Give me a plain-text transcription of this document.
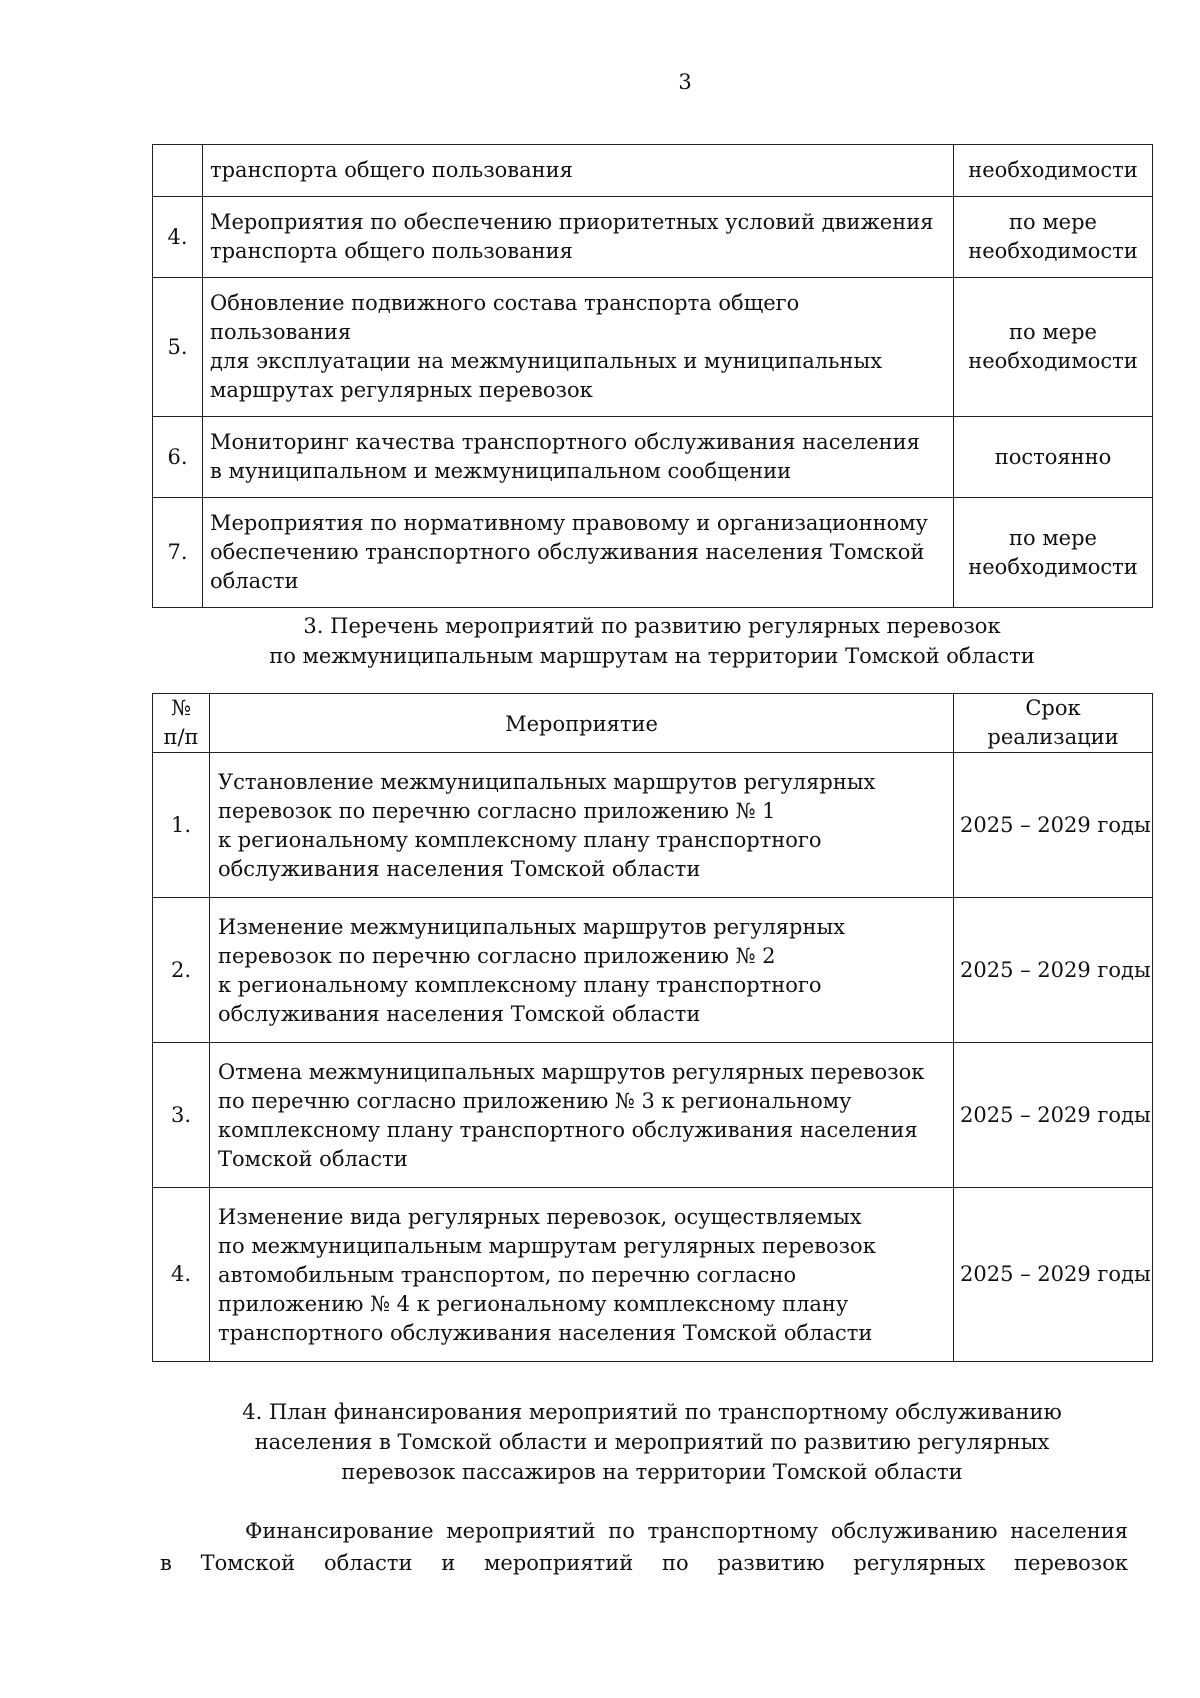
3
	транспорта общего пользования	необходимости
4.	Мероприятия по обеспечению приоритетных условий движения
транспорта общего пользования	по мере
необходимости
5.	Обновление подвижного состава транспорта общего пользования
для эксплуатации на межмуниципальных и муниципальных
маршрутах регулярных перевозок	по мере
необходимости
6.	Мониторинг качества транспортного обслуживания населения
в муниципальном и межмуниципальном сообщении	постоянно
7.	Мероприятия по нормативному правовому и организационному
обеспечению транспортного обслуживания населения Томской
области	по мере
необходимости
3. Перечень мероприятий по развитию регулярных перевозок
по межмуниципальным маршрутам на территории Томской области
№
п/п	Мероприятие	Срок
реализации
1.	Установление межмуниципальных маршрутов регулярных
перевозок по перечню согласно приложению № 1
к региональному комплексному плану транспортного
обслуживания населения Томской области	2025 – 2029 годы
2.	Изменение межмуниципальных маршрутов регулярных
перевозок по перечню согласно приложению № 2
к региональному комплексному плану транспортного
обслуживания населения Томской области	2025 – 2029 годы
3.	Отмена межмуниципальных маршрутов регулярных перевозок
по перечню согласно приложению № 3 к региональному
комплексному плану транспортного обслуживания населения
Томской области	2025 – 2029 годы
4.	Изменение вида регулярных перевозок, осуществляемых
по межмуниципальным маршрутам регулярных перевозок
автомобильным транспортом, по перечню согласно
приложению № 4 к региональному комплексному плану
транспортного обслуживания населения Томской области	2025 – 2029 годы
4. План финансирования мероприятий по транспортному обслуживанию
населения в Томской области и мероприятий по развитию регулярных
перевозок пассажиров на территории Томской области
Финансирование мероприятий по транспортному обслуживанию населения
в Томской области и мероприятий по развитию регулярных перевозок
